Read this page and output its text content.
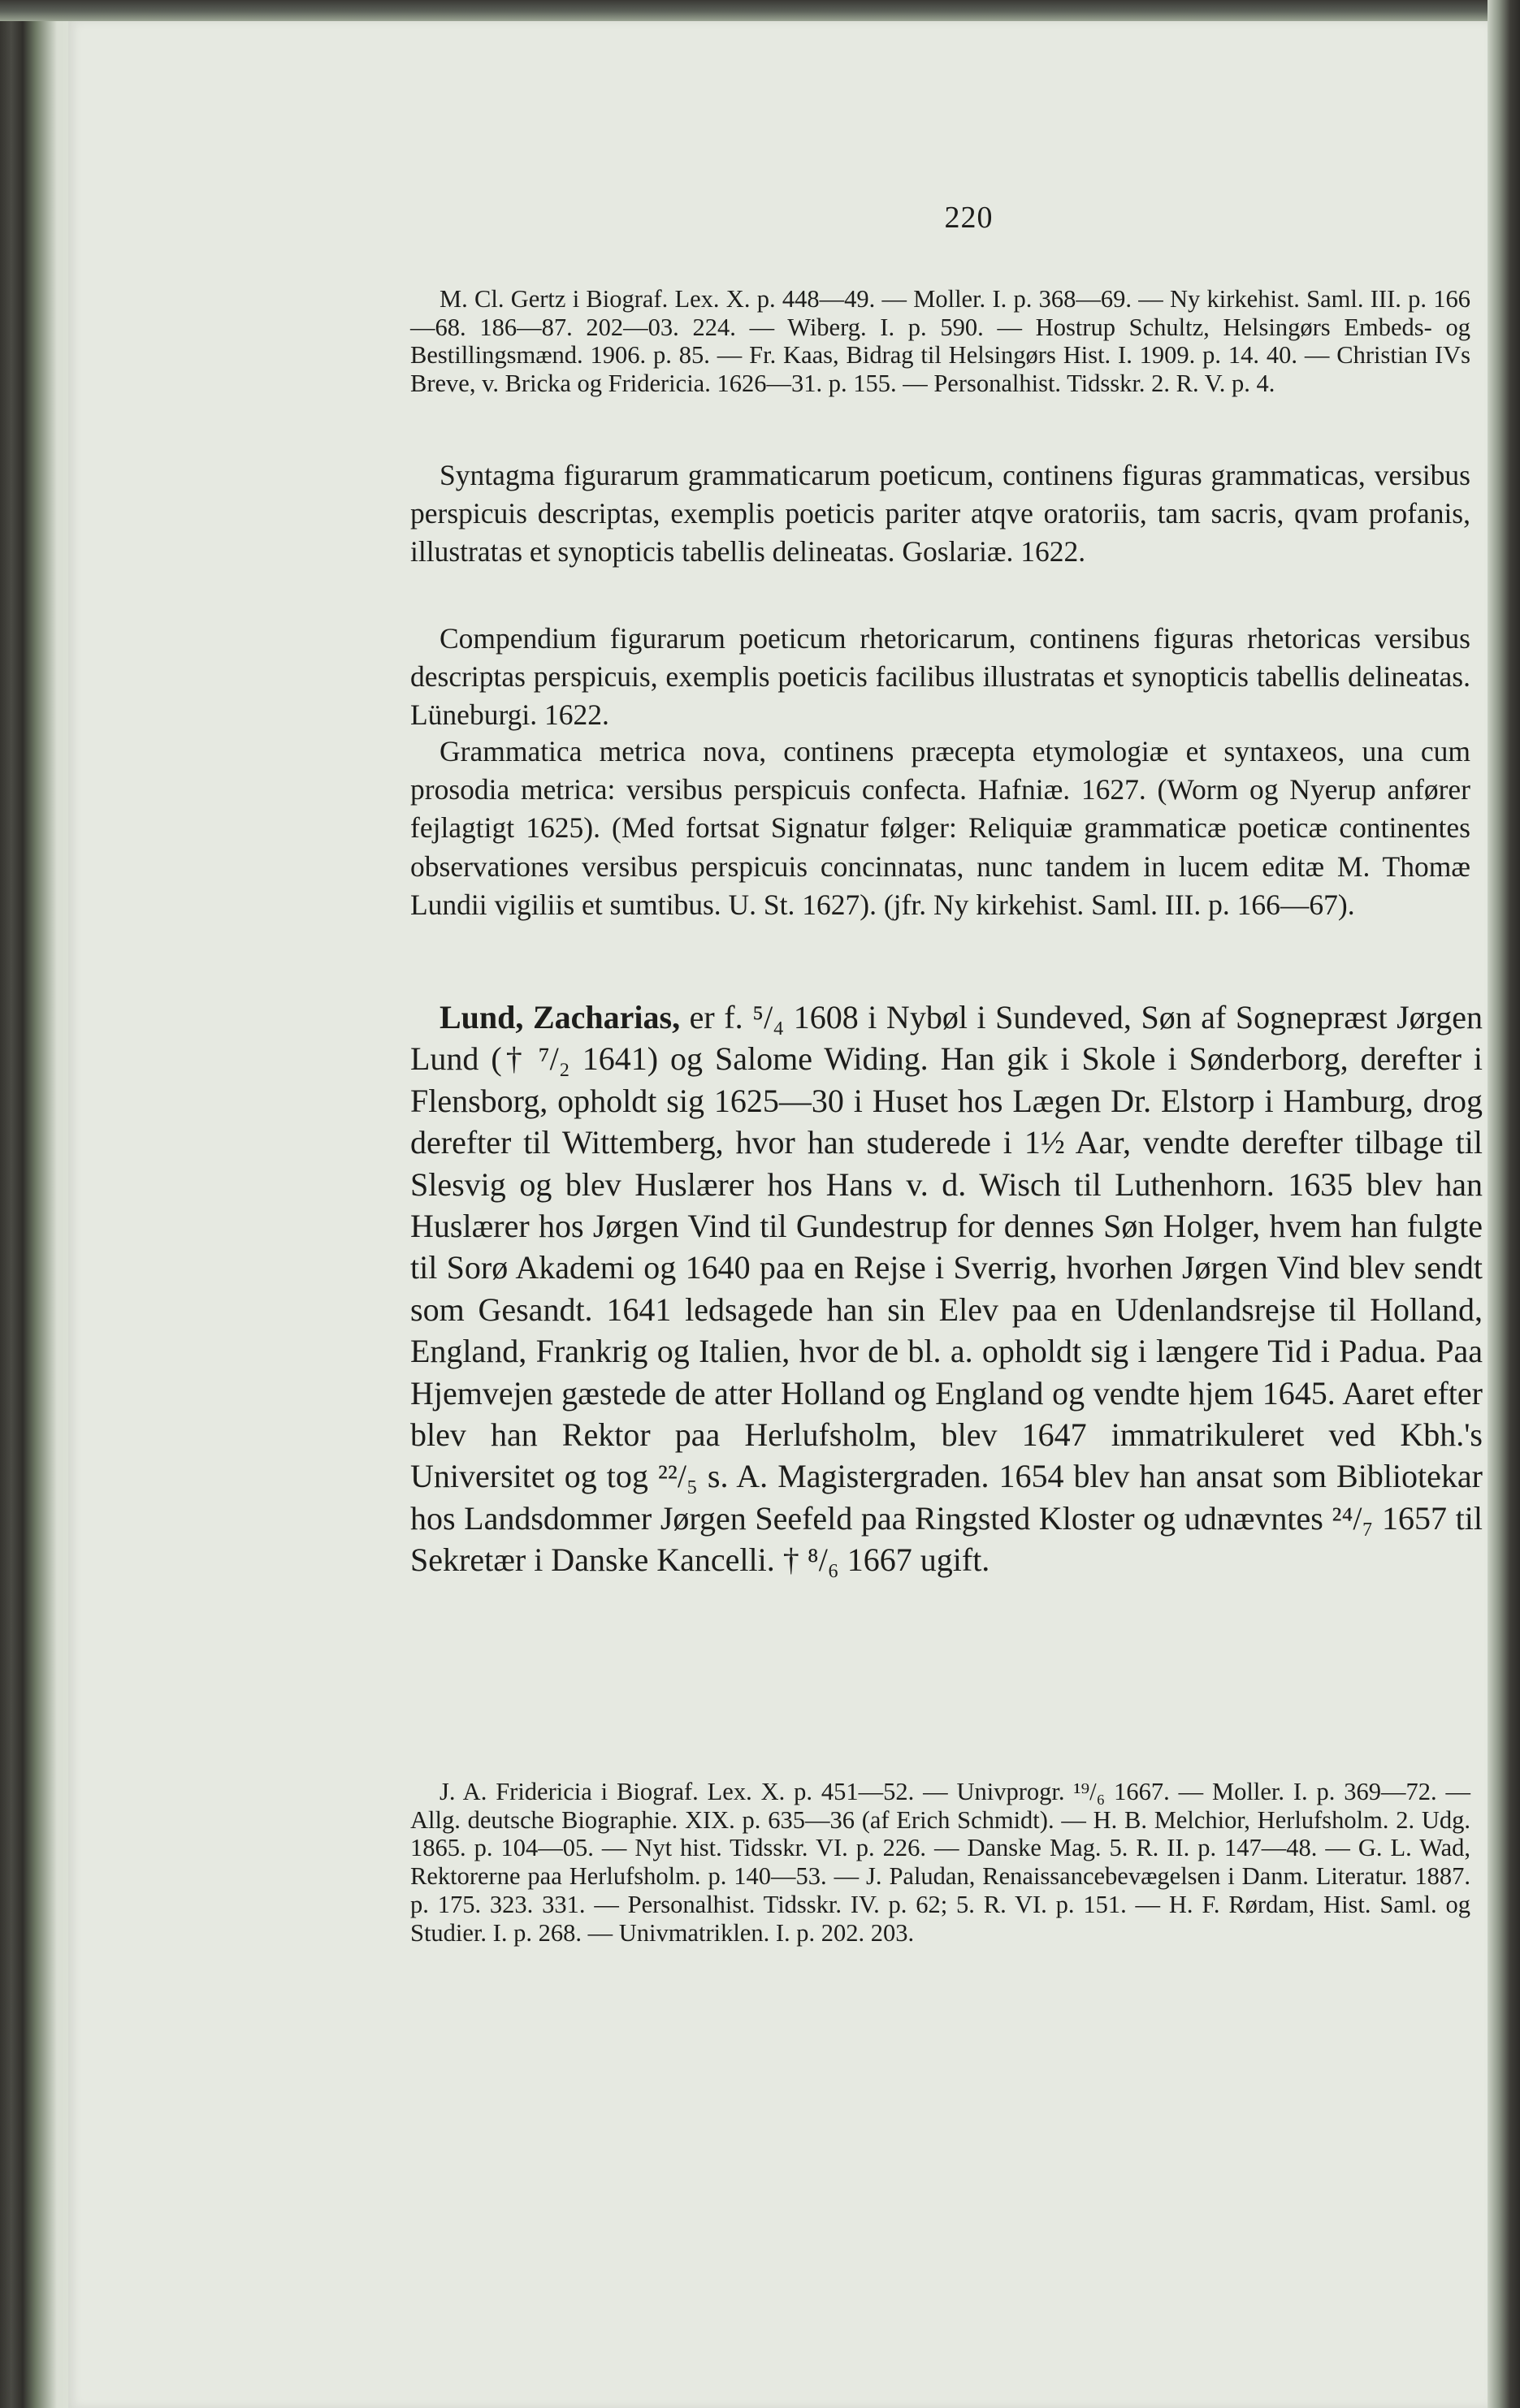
220

M. Cl. Gertz i Biograf. Lex. X. p. 448—49. — Moller. I. p. 368—69. — Ny kirkehist. Saml. III. p. 166—68. 186—87. 202—03. 224. — Wiberg. I. p. 590. — Hostrup Schultz, Helsingørs Embeds- og Bestillingsmænd. 1906. p. 85. — Fr. Kaas, Bidrag til Helsingørs Hist. I. 1909. p. 14. 40. — Christian IVs Breve, v. Bricka og Fridericia. 1626—31. p. 155. — Personalhist. Tidsskr. 2. R. V. p. 4.

Syntagma figurarum grammaticarum poeticum, continens figuras grammaticas, versibus perspicuis descriptas, exemplis poeticis pariter atqve oratoriis, tam sacris, qvam profanis, illustratas et synopticis tabellis delineatas. Goslariæ. 1622.

Compendium figurarum poeticum rhetoricarum, continens figuras rhetoricas versibus descriptas perspicuis, exemplis poeticis facilibus illustratas et synopticis tabellis delineatas. Lüneburgi. 1622.

Grammatica metrica nova, continens præcepta etymologiæ et syntaxeos, una cum prosodia metrica: versibus perspicuis confecta. Hafniæ. 1627. (Worm og Nyerup anfører fejlagtigt 1625). (Med fortsat Signatur følger: Reliquiæ grammaticæ poeticæ continentes observationes versibus perspicuis concinnatas, nunc tandem in lucem editæ M. Thomæ Lundii vigiliis et sumtibus. U. St. 1627). (jfr. Ny kirkehist. Saml. III. p. 166—67).

Lund, Zacharias, er f. ⁵/₄ 1608 i Nybøl i Sundeved, Søn af Sognepræst Jørgen Lund († ⁷/₂ 1641) og Salome Widing. Han gik i Skole i Sønderborg, derefter i Flensborg, opholdt sig 1625—30 i Huset hos Lægen Dr. Elstorp i Hamburg, drog derefter til Wittemberg, hvor han studerede i 1½ Aar, vendte derefter tilbage til Slesvig og blev Huslærer hos Hans v. d. Wisch til Luthenhorn. 1635 blev han Huslærer hos Jørgen Vind til Gundestrup for dennes Søn Holger, hvem han fulgte til Sorø Akademi og 1640 paa en Rejse i Sverrig, hvorhen Jørgen Vind blev sendt som Gesandt. 1641 ledsagede han sin Elev paa en Udenlandsrejse til Holland, England, Frankrig og Italien, hvor de bl. a. opholdt sig i længere Tid i Padua. Paa Hjemvejen gæstede de atter Holland og England og vendte hjem 1645. Aaret efter blev han Rektor paa Herlufsholm, blev 1647 immatrikuleret ved Kbh.'s Universitet og tog ²²/₅ s. A. Magistergraden. 1654 blev han ansat som Bibliotekar hos Landsdommer Jørgen Seefeld paa Ringsted Kloster og udnævntes ²⁴/₇ 1657 til Sekretær i Danske Kancelli. † ⁸/₆ 1667 ugift.

J. A. Fridericia i Biograf. Lex. X. p. 451—52. — Univprogr. ¹⁹/₆ 1667. — Moller. I. p. 369—72. — Allg. deutsche Biographie. XIX. p. 635—36 (af Erich Schmidt). — H. B. Melchior, Herlufsholm. 2. Udg. 1865. p. 104—05. — Nyt hist. Tidsskr. VI. p. 226. — Danske Mag. 5. R. II. p. 147—48. — G. L. Wad, Rektorerne paa Herlufsholm. p. 140—53. — J. Paludan, Renaissancebevægelsen i Danm. Literatur. 1887. p. 175. 323. 331. — Personalhist. Tidsskr. IV. p. 62; 5. R. VI. p. 151. — H. F. Rørdam, Hist. Saml. og Studier. I. p. 268. — Univmatriklen. I. p. 202. 203.
